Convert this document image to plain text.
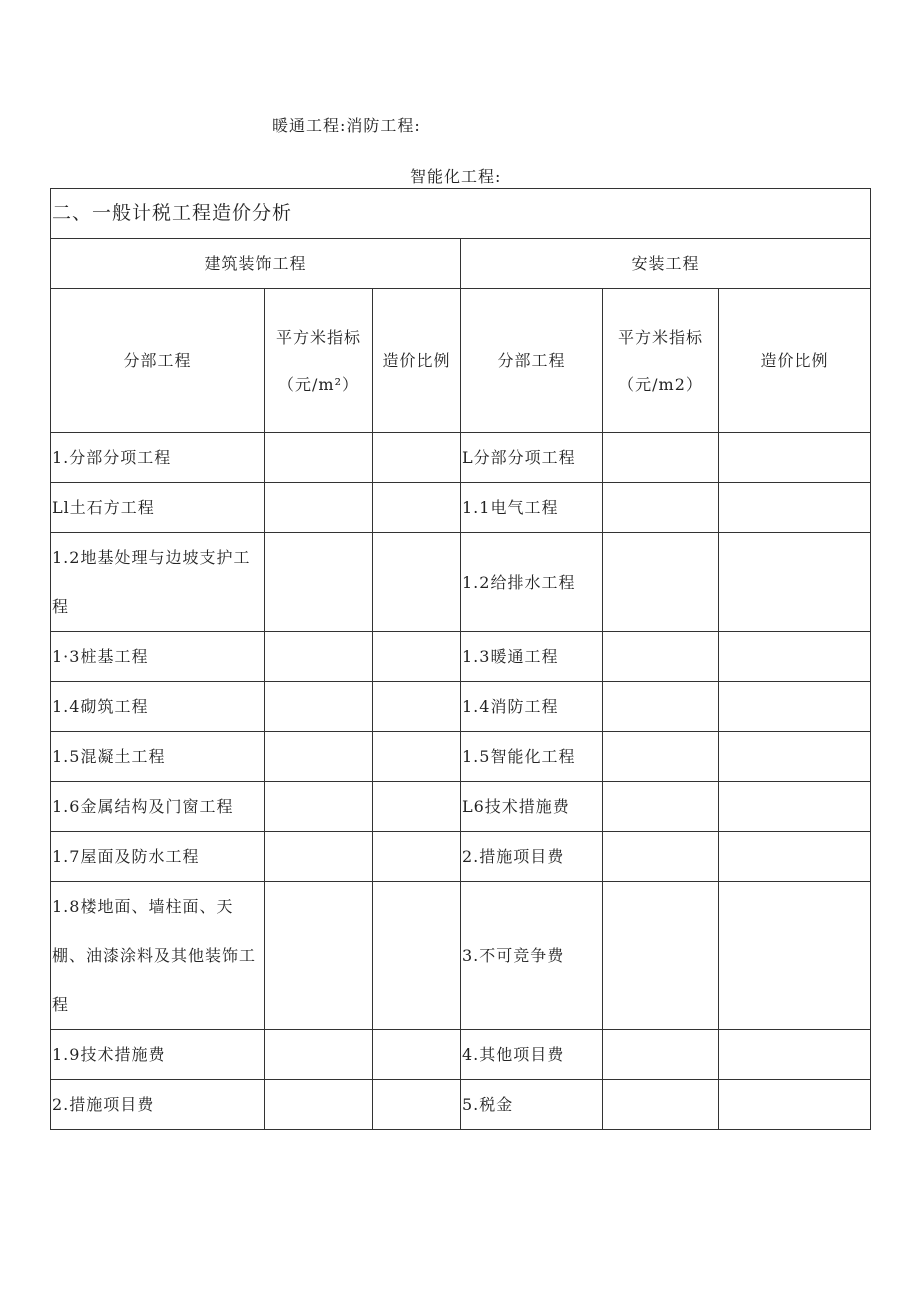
暖通工程:消防工程:
智能化工程:
二、一般计税工程造价分析					
建筑装饰工程			安装工程		
分部工程	平方米指标（元/m²）	造价比例	分部工程	平方米指标（元/m2）	造价比例
1.分部分项工程			L分部分项工程		
Ll土石方工程			1.1电气工程		
1.2地基处理与边坡支护工程			1.2给排水工程		
1·3桩基工程			1.3暖通工程		
1.4砌筑工程			1.4消防工程		
1.5混凝土工程			1.5智能化工程		
1.6金属结构及门窗工程			L6技术措施费		
1.7屋面及防水工程			2.措施项目费		
1.8楼地面、墙柱面、天棚、油漆涂料及其他装饰工程			3.不可竞争费		
1.9技术措施费			4.其他项目费		
2.措施项目费			5.税金		
